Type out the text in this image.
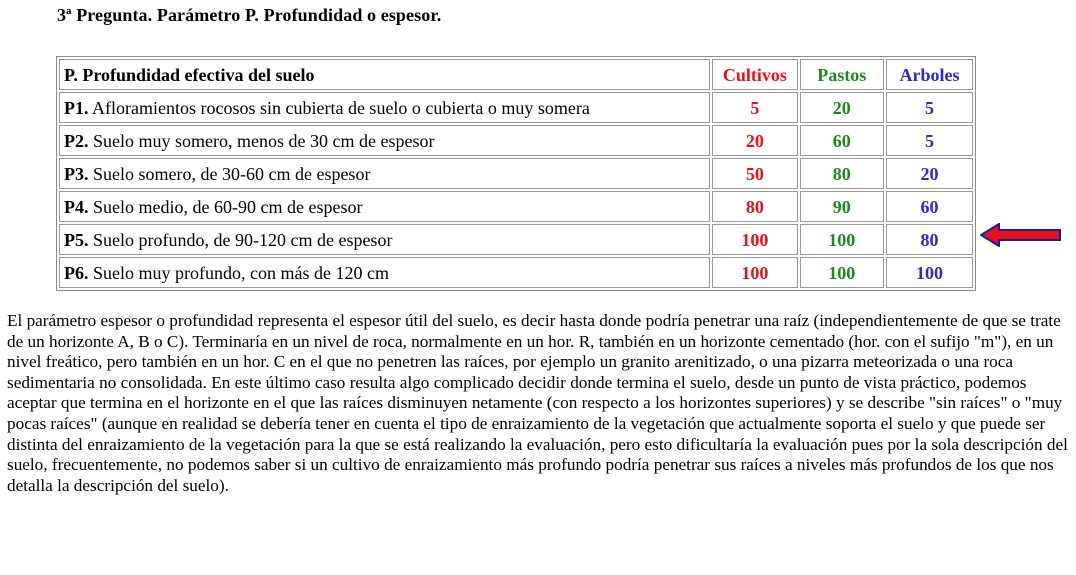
3ª Pregunta. Parámetro P. Profundidad o espesor.
P. Profundidad efectiva del suelo	Cultivos	Pastos	Arboles
P1. Afloramientos rocosos sin cubierta de suelo o cubierta o muy somera	5	20	5
P2. Suelo muy somero, menos de 30 cm de espesor	20	60	5
P3. Suelo somero, de 30-60 cm de espesor	50	80	20
P4. Suelo medio, de 60-90 cm de espesor	80	90	60
P5. Suelo profundo, de 90-120 cm de espesor	100	100	80
P6. Suelo muy profundo, con más de 120 cm	100	100	100

El parámetro espesor o profundidad representa el espesor útil del suelo, es decir hasta donde podría penetrar una raíz (independientemente de que se trate de un horizonte A, B o C). Terminaría en un nivel de roca, normalmente en un hor. R, también en un horizonte cementado (hor. con el sufijo "m"), en un nivel freático, pero también en un hor. C en el que no penetren las raíces, por ejemplo un granito arenitizado, o una pizarra meteorizada o una roca sedimentaria no consolidada. En este último caso resulta algo complicado decidir donde termina el suelo, desde un punto de vista práctico, podemos aceptar que termina en el horizonte en el que las raíces disminuyen netamente (con respecto a los horizontes superiores) y se describe "sin raíces" o "muy pocas raíces" (aunque en realidad se debería tener en cuenta el tipo de enraizamiento de la vegetación que actualmente soporta el suelo y que puede ser distinta del enraizamiento de la vegetación para la que se está realizando la evaluación, pero esto dificultaría la evaluación pues por la sola descripción del suelo, frecuentemente, no podemos saber si un cultivo de enraizamiento más profundo podría penetrar sus raíces a niveles más profundos de los que nos detalla la descripción del suelo).
